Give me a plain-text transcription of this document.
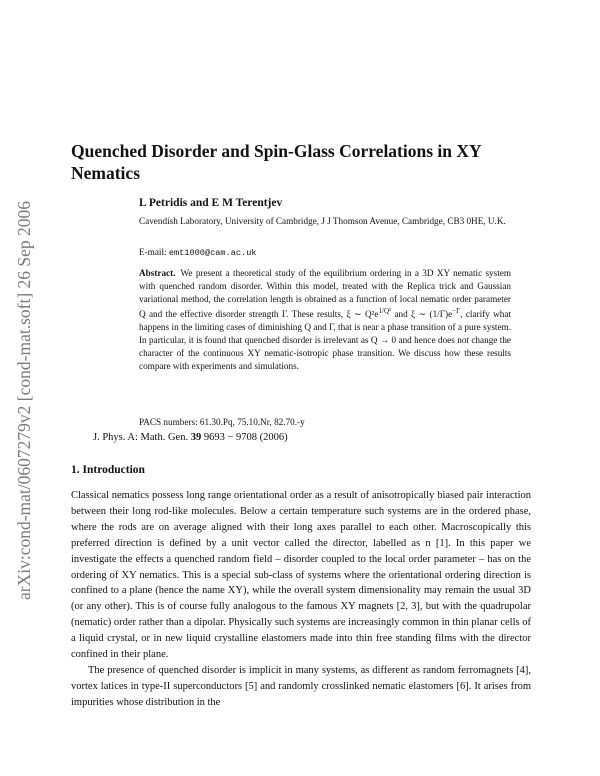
arXiv:cond-mat/0607279v2 [cond-mat.soft] 26 Sep 2006
Quenched Disorder and Spin-Glass Correlations in XY Nematics
L Petridis and E M Terentjev
Cavendish Laboratory, University of Cambridge, J J Thomson Avenue, Cambridge, CB3 0HE, U.K.
E-mail: emt1000@cam.ac.uk

Abstract. We present a theoretical study of the equilibrium ordering in a 3D XY nematic system with quenched random disorder. Within this model, treated with the Replica trick and Gaussian variational method, the correlation length is obtained as a function of local nematic order parameter Q and the effective disorder strength Γ. These results, ξ ∼ $Q^2e^{1/Q^2}$ and ξ ∼ $(1/\Gamma)e^{-\Gamma}$, clarify what happens in the limiting cases of diminishing Q and Γ, that is near a phase transition of a pure system. In particular, it is found that quenched disorder is irrelevant as Q → 0 and hence does not change the character of the continuous XY nematic-isotropic phase transition. We discuss how these results compare with experiments and simulations.

PACS numbers: 61.30.Pq, 75.10.Nr, 82.70.-y
J. Phys. A: Math. Gen. 39 9693 − 9708 (2006)
1. Introduction

Classical nematics possess long range orientational order as a result of anisotropically biased pair interaction between their long rod-like molecules. Below a certain temperature such systems are in the ordered phase, where the rods are on average aligned with their long axes parallel to each other. Macroscopically this preferred direction is defined by a unit vector called the director, labelled as n [1]. In this paper we investigate the effects a quenched random field – disorder coupled to the local order parameter – has on the ordering of XY nematics. This is a special sub-class of systems where the orientational ordering direction is confined to a plane (hence the name XY), while the overall system dimensionality may remain the usual 3D (or any other). This is of course fully analogous to the famous XY magnets [2, 3], but with the quadrupolar (nematic) order rather than a dipolar. Physically such systems are increasingly common in thin planar cells of a liquid crystal, or in new liquid crystalline elastomers made into thin free standing films with the director confined in their plane.

The presence of quenched disorder is implicit in many systems, as different as random ferromagnets [4], vortex latices in type-II superconductors [5] and randomly crosslinked nematic elastomers [6]. It arises from impurities whose distribution in the
